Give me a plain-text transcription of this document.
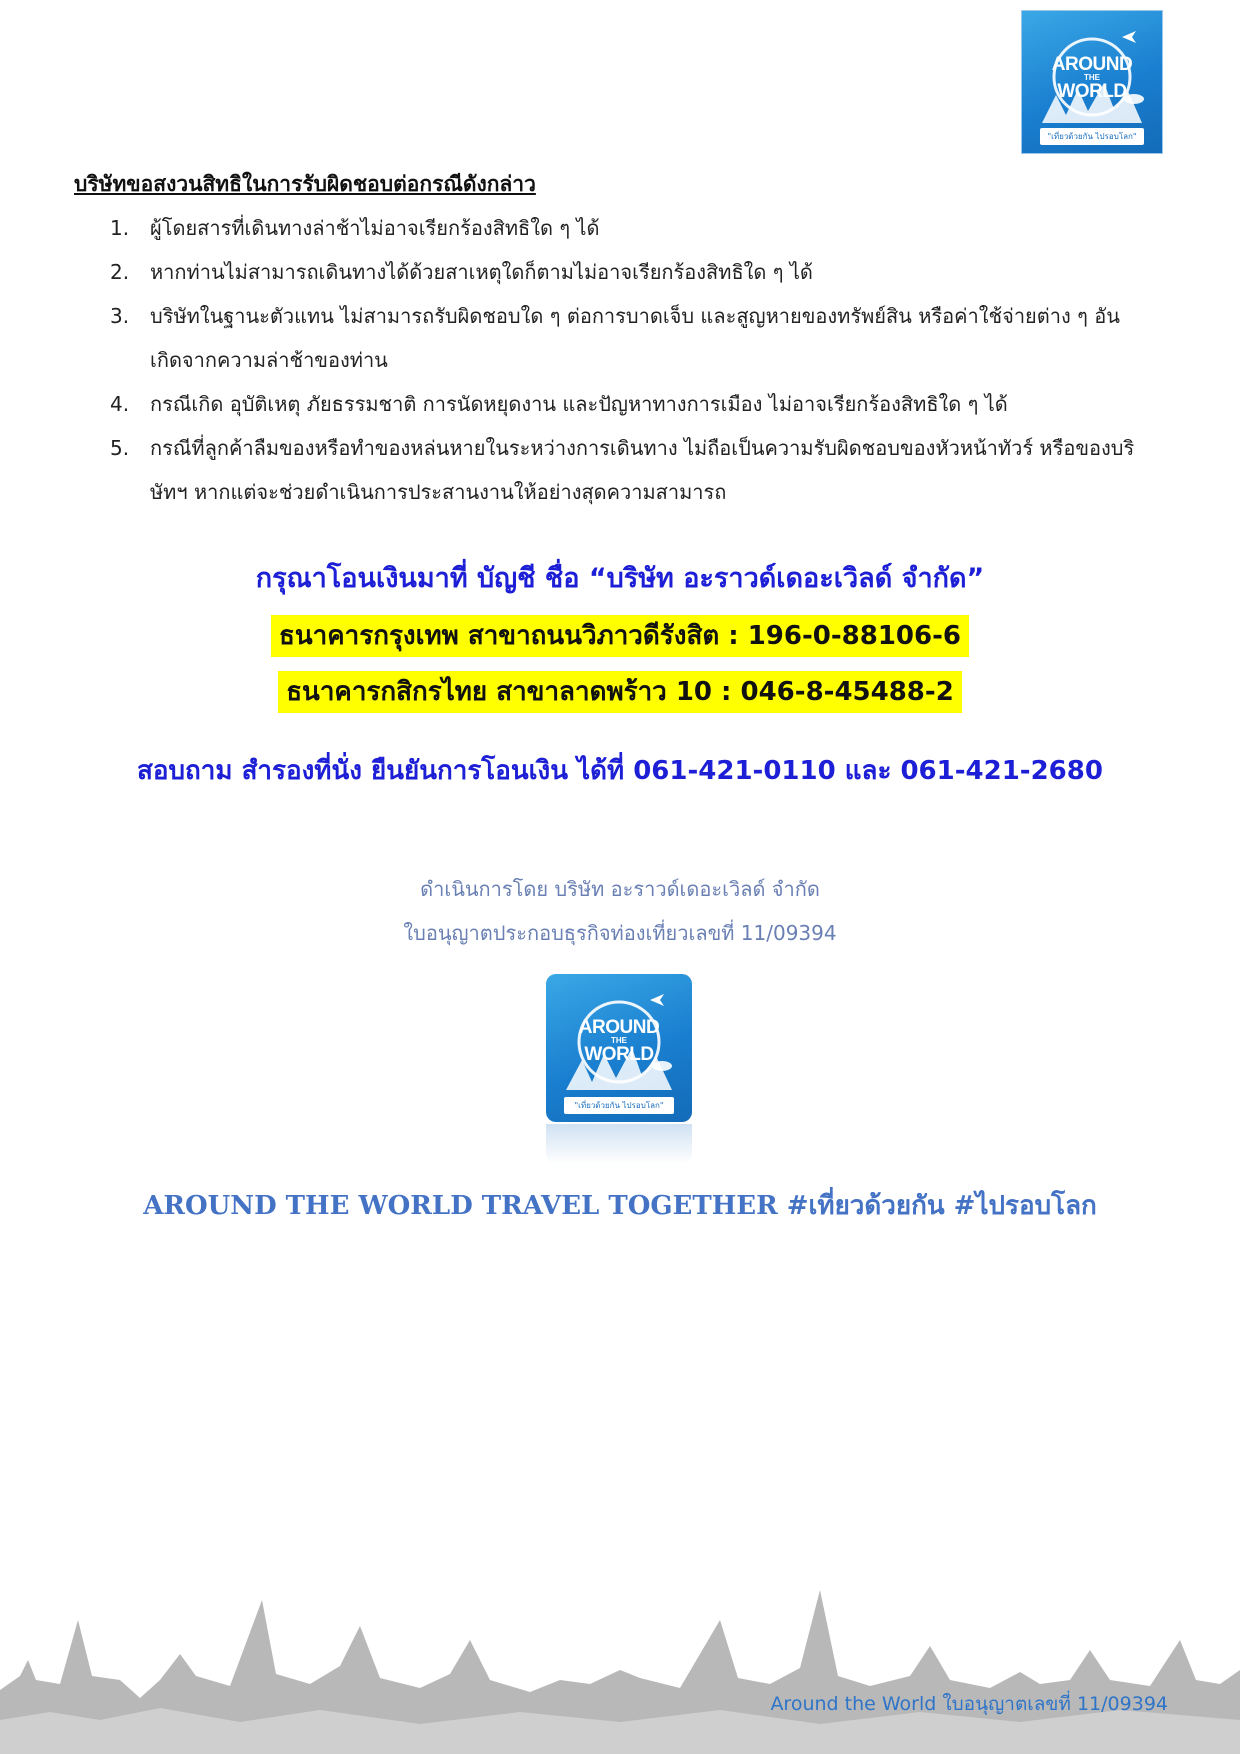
AROUND
THE
WORLD
"เที่ยวด้วยกัน ไปรอบโลก"
บริษัทขอสงวนสิทธิในการรับผิดชอบต่อกรณีดังกล่าว
1. ผู้โดยสารที่เดินทางล่าช้าไม่อาจเรียกร้องสิทธิใด ๆ ได้
2. หากท่านไม่สามารถเดินทางได้ด้วยสาเหตุใดก็ตามไม่อาจเรียกร้องสิทธิใด ๆ ได้
3. บริษัทในฐานะตัวแทน ไม่สามารถรับผิดชอบใด ๆ ต่อการบาดเจ็บ และสูญหายของทรัพย์สิน หรือค่าใช้จ่ายต่าง ๆ อันเกิดจากความล่าช้าของท่าน
4. กรณีเกิด อุบัติเหตุ ภัยธรรมชาติ การนัดหยุดงาน และปัญหาทางการเมือง ไม่อาจเรียกร้องสิทธิใด ๆ ได้
5. กรณีที่ลูกค้าลืมของหรือทำของหล่นหายในระหว่างการเดินทาง ไม่ถือเป็นความรับผิดชอบของหัวหน้าทัวร์ หรือของบริษัทฯ หากแต่จะช่วยดำเนินการประสานงานให้อย่างสุดความสามารถ
กรุณาโอนเงินมาที่ บัญชี ชื่อ “บริษัท อะราวด์เดอะเวิลด์ จำกัด”
ธนาคารกรุงเทพ สาขาถนนวิภาวดีรังสิต : 196-0-88106-6
ธนาคารกสิกรไทย สาขาลาดพร้าว 10 : 046-8-45488-2
สอบถาม สำรองที่นั่ง ยืนยันการโอนเงิน ได้ที่ 061-421-0110 และ 061-421-2680
ดำเนินการโดย บริษัท อะราวด์เดอะเวิลด์ จำกัด
ใบอนุญาตประกอบธุรกิจท่องเที่ยวเลขที่ 11/09394
AROUND
THE
WORLD
"เที่ยวด้วยกัน ไปรอบโลก"
AROUND THE WORLD TRAVEL TOGETHER #เที่ยวด้วยกัน #ไปรอบโลก
Around the World ใบอนุญาตเลขที่ 11/09394
